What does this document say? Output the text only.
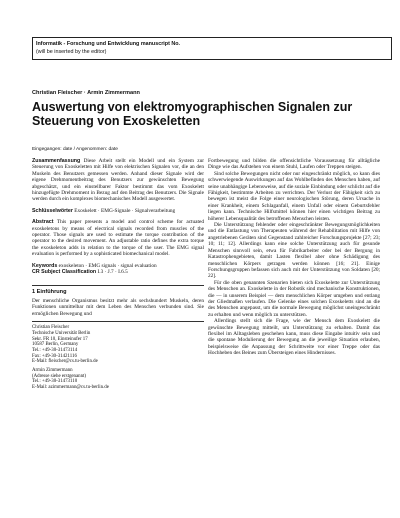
Informatik - Forschung und Entwicklung manuscript No.
(will be inserted by the editor)
Christian Fleischer · Armin Zimmermann
Auswertung von elektromyographischen Signalen zur Steuerung von Exoskeletten
Eingegangen: date / Angenommen: date

Zusammenfassung Diese Arbeit stellt ein Modell und ein System zur Steuerung von Exoskeletten mit Hilfe von elektrischen Signalen vor, die an den Muskeln des Benutzers gemessen werden. Anhand dieser Signale wird der eigene Drehmomentbeitrag des Benutzers zur gewünschten Bewegung abgeschätzt, und ein einstellbarer Faktor bestimmt das vom Exoskelett hinzugefügte Drehmoment in Bezug auf den Beitrag des Benutzers. Die Signale werden durch ein komplexes biomechanisches Modell ausgewertet.

Schlüsselwörter Exoskelett · EMG-Signale · Signalverarbeitung

Abstract This paper presents a model and control scheme for actuated exoskeletons by means of electrical signals recorded from muscles of the operator. Those signals are used to estimate the torque contribution of the operator to the desired movement. An adjustable ratio defines the extra torque the exoskeleton adds in relation to the torque of the user. The EMG signal evaluation is performed by a sophisticated biomechanical model.

Keywords exoskeleton · EMG signals · signal evaluation

CR Subject Classification I.3 · J.7 · I.6.5

1 Einführung

Der menschliche Organismus besitzt mehr als sechshundert Muskeln, deren Funktionen unmittelbar mit dem Leben des Menschen verbunden sind. Sie ermöglichen Bewegung und

Christian Fleischer
Technische Universität Berlin
Sekr. FR 10, Einsteinufer 17
10587 Berlin, Germany
Tel.: +49-30-31473114
Fax: +49-30-31421116
E-Mail: fleischer@cs.tu-berlin.de
Armin Zimmermann
(Adresse siehe erstgenannt)
Tel.: +49-30-31473110
E-Mail: azimmermann@cs.tu-berlin.de

Fortbewegung und bilden die offensichtliche Voraussetzung für alltägliche Dinge wie das Aufstehen von einem Stuhl, Laufen oder Treppen steigen.

Sind solche Bewegungen nicht oder nur eingeschränkt möglich, so kann dies schwerwiegende Auswirkungen auf das Wohlbefinden des Menschen haben, auf seine unabhängige Lebensweise, auf die soziale Einbindung oder schlicht auf die Fähigkeit, bestimmte Arbeiten zu verrichten. Der Verlust der Fähigkeit sich zu bewegen ist meist die Folge einer neurologischen Störung, deren Ursache in einer Krankheit, einem Schlaganfall, einem Unfall oder einem Geburtsfehler liegen kann. Technische Hilfsmittel können hier einen wichtigen Beitrag zu höherer Lebensqualität des betroffenen Menschen leisten.

Die Unterstützung fehlender oder eingeschränkter Bewegungsmöglichkeiten und die Entlastung von Therapeuten während der Rehabilitation mit Hilfe von angetriebenen Geräten sind Gegenstand zahlreicher Forschungsprojekte [27; 23; 10; 11; 12]. Allerdings kann eine solche Unterstützung auch für gesunde Menschen sinnvoll sein, etwa für Fabrikarbeiter oder bei der Bergung in Katastrophengebieten, damit Lasten flexibel aber ohne Schädigung des menschlichen Körpers getragen werden können [16; 21]. Einige Forschungsgruppen befassen sich auch mit der Unterstützung von Soldaten [20; 22].

Für die oben genannten Szenarien bieten sich Exoskelette zur Unterstützung des Menschen an. Exoskelette in der Robotik sind mechanische Konstruktionen, die — in unserem Beispiel — dem menschlichen Körper umgeben und entlang der Gliedmaßen verlaufen. Die Gelenke eines solchen Exoskeletts sind an die des Menschen angepasst, um die normale Bewegung möglichst uneingeschränkt zu erhalten und wenn möglich zu unterstützen.

Allerdings stellt sich die Frage, wie der Mensch dem Exoskelett die gewünschte Bewegung mitteilt, um Unterstützung zu erhalten. Damit das flexibel im Alltagsleben geschehen kann, muss diese Eingabe intuitiv sein und die spontane Modulierung der Bewegung an die jeweilige Situation erlauben, beispielsweise die Anpassung der Schrittweite vor einer Treppe oder das Hochheben des Beines zum Übersteigen eines Hindernisses.
